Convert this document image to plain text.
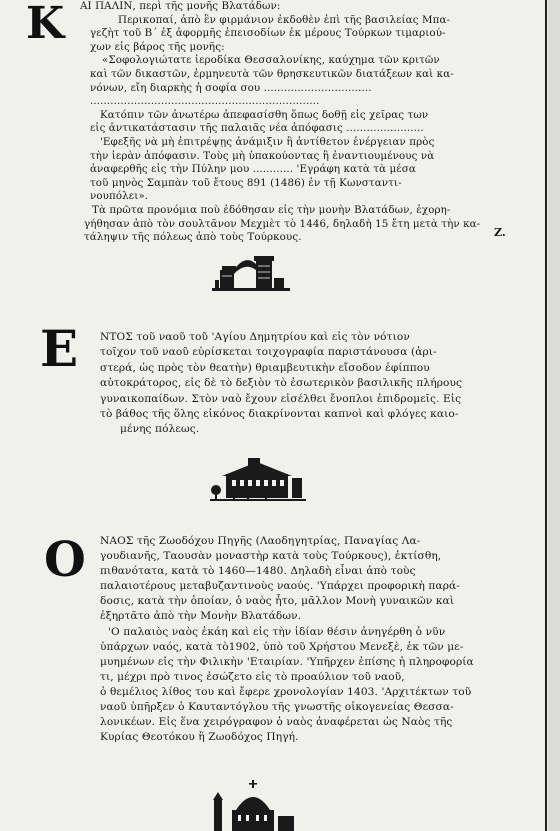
Κ	ΑΙ ΠΑΛΙΝ, περὶ τῆς μονῆς Βλατάδων:
Περικοπαί, ἀπὸ ἓν φιρμάνιον ἐκδοθὲν ἐπὶ τῆς βασιλείας Μπα-
γεζὴτ τοῦ Β΄ ἐξ ἀφορμῆς ἐπεισοδίων ἐκ μέρους Τούρκων τιμαριού-
χων εἰς βάρος τῆς μονῆς:
«Σοφολογιώτατε ἱεροδίκα Θεσσαλονίκης, καύχημα τῶν κριτῶν
καὶ τῶν δικαστῶν, ἑρμηνευτὰ τῶν θρησκευτικῶν διατάξεων καὶ κα-
νόνων, εἴη διαρκὴς ἡ σοφία σου ................................
....................................................................
Κατόπιν τῶν ἀνωτέρω ἀπεφασίσθη ὅπως δοθῇ εἰς χεῖρας των
εἰς ἀντικατάστασιν τῆς παλαιᾶς νέα ἀπόφασις .......................
'Εφεξῆς νὰ μὴ ἐπιτρέψῃς ἀνάμιξιν ἢ ἀντίθετον ἐνέργειαν πρὸς
τὴν ἱερὰν ἀπόφασιν. Τοὺς μὴ ὑπακούοντας ἢ ἐναντιουμένους νὰ
ἀναφερθῆς εἰς τὴν Πύλην μου ............ 'Εγράφη κατὰ τὰ μέσα
τοῦ μηνὸς Σαμπὰν τοῦ ἔτους 891 (1486) ἐν τῇ Κωνσταντι-
νουπόλει».
Τὰ πρῶτα προνόμια ποὺ ἐδόθησαν εἰς τὴν μονὴν Βλατάδων, ἐχορη-
γήθησαν ἀπὸ τὸν σουλτᾶνον Μεχμὲτ τὸ 1446, δηλαδὴ 15 ἔτη μετὰ τὴν κα-
τάληψιν τῆς πόλεως ἀπὸ τοὺς Τούρκους.	Z.
Ε	ΝΤΟΣ τοῦ ναοῦ τοῦ 'Αγίου Δημητρίου καὶ εἰς τὸν νότιον
τοῖχον τοῦ ναοῦ εὑρίσκεται τοιχογραφία παριστάνουσα (ἀρι-
στερά, ὡς πρὸς τὸν θεατὴν) θριαμβευτικὴν εἴσοδον ἐφίππου
αὐτοκράτορος, εἰς δὲ τὸ δεξιὸν τὸ ἐσωτερικὸν βασιλικῆς πλήρους
γυναικοπαίδων. Στὸν ναὸ ἔχουν εἰσέλθει ἔνοπλοι ἐπιδρομεῖς. Εἰς
τὸ βάθος τῆς ὅλης εἰκόνος διακρίνονται καπνοὶ καὶ φλόγες καιο-
μένης πόλεως.
Ο	ΝΑΟΣ τῆς Ζωοδόχου Πηγῆς (Λαοδηγητρίας, Παναγίας Λα-
γουδιανῆς, Ταουσὰν μοναστὴρ κατὰ τοὺς Τούρκους), ἐκτίσθη,
πιθανότατα, κατὰ τὸ 1460—1480. Δηλαδὴ εἶναι ἀπὸ τοὺς
παλαιοτέρους μεταβυζαντινοὺς ναούς. 'Υπάρχει προφορικὴ παρά-
δοσις, κατὰ τὴν ὁποίαν, ὁ ναὸς ἦτο, μᾶλλον Μονὴ γυναικῶν καὶ
ἐξηρτᾶτο ἀπὸ τὴν Μονὴν Βλατάδων.
'Ο παλαιὸς ναὸς ἐκάη καὶ εἰς τὴν ἰδίαν θέσιν ἀνηγέρθη ὁ νῦν
ὑπάρχων ναός, κατὰ τὸ1902, ὑπὸ τοῦ Χρήστου Μενεξὲ, ἐκ τῶν με-
μυημένων εἰς τὴν Φιλικὴν 'Εταιρίαν. 'Υπῆρχεν ἐπίσης ἡ πληροφορία
τι, μέχρι πρὸ τινος ἐσώζετο εἰς τὸ προαύλιον τοῦ ναοῦ,
ὁ θεμέλιος λίθος του καὶ ἔφερε χρονολογίαν 1403. 'Αρχιτέκτων τοῦ
ναοῦ ὑπῆρξεν ὁ Καυταντόγλου τῆς γνωστῆς οἰκογενείας Θεσσα-
λονικέων. Εἰς ἕνα χειρόγραφον ὁ ναὸς ἀναφέρεται ὡς Ναὸς τῆς
Κυρίας Θεοτόκου ἢ Ζωοδόχος Πηγή.
